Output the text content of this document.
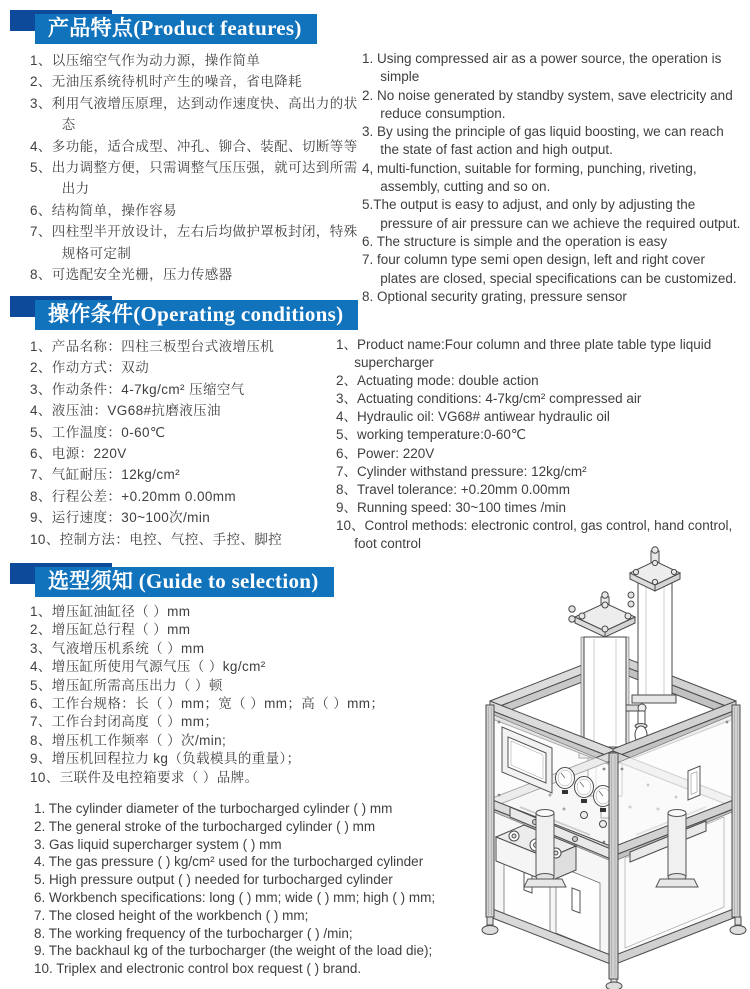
产品特点(Product features)
1、以压缩空气作为动力源，操作简单
2、无油压系统待机时产生的噪音，省电降耗
3、利用气液增压原理，达到动作速度快、高出力的状态
4、多功能，适合成型、冲孔、铆合、装配、切断等等
5、出力调整方便，只需调整气压压强，就可达到所需出力
6、结构简单，操作容易
7、四柱型半开放设计，左右后均做护罩板封闭，特殊规格可定制
8、可选配安全光栅，压力传感器
1. Using compressed air as a power source, the operation is simple
2. No noise generated by standby system, save electricity and reduce consumption.
3. By using the principle of gas liquid boosting, we can reach the state of fast action and high output.
4, multi-function, suitable for forming, punching, riveting, assembly, cutting and so on.
5.The output is easy to adjust, and only by adjusting the pressure of air pressure can we achieve the required output.
6. The structure is simple and the operation is easy
7. four column type semi open design, left and right cover plates are closed, special specifications can be customized.
8. Optional security grating, pressure sensor
操作条件(Operating conditions)
1、产品名称：四柱三板型台式液增压机
2、作动方式：双动
3、作动条件：4-7kg/cm² 压缩空气
4、液压油：VG68#抗磨液压油
5、工作温度：0-60℃
6、电源：220V
7、气缸耐压：12kg/cm²
8、行程公差：+0.20mm 0.00mm
9、运行速度：30~100次/min
10、控制方法：电控、气控、手控、脚控
1、Product name:Four column and three plate table type liquid supercharger
2、Actuating mode: double action
3、Actuating conditions: 4-7kg/cm² compressed air
4、Hydraulic oil: VG68# antiwear hydraulic oil
5、working temperature:0-60℃
6、Power: 220V
7、Cylinder withstand pressure: 12kg/cm²
8、Travel tolerance: +0.20mm 0.00mm
9、Running speed: 30~100 times /min
10、Control methods: electronic control, gas control, hand control, foot control
选型须知 (Guide to selection)
1、增压缸油缸径（ ）mm
2、增压缸总行程（ ）mm
3、气液增压机系统（ ）mm
4、增压缸所使用气源气压（ ）kg/cm²
5、增压缸所需高压出力（ ）顿
6、工作台规格：长（ ）mm；宽（ ）mm；高（ ）mm；
7、工作台封闭高度（ ）mm；
8、增压机工作频率（ ）次/min;
9、增压机回程拉力 kg（负载模具的重量）；
10、三联件及电控箱要求（ ）品牌。
1. The cylinder diameter of the turbocharged cylinder ( ) mm
2. The general stroke of the turbocharged cylinder ( ) mm
3. Gas liquid supercharger system ( ) mm
4. The gas pressure ( ) kg/cm² used for the turbocharged cylinder
5. High pressure output ( ) needed for turbocharged cylinder
6. Workbench specifications: long ( ) mm; wide ( ) mm; high ( ) mm;
7. The closed height of the workbench ( ) mm;
8. The working frequency of the turbocharger ( ) /min;
9. The backhaul kg of the turbocharger (the weight of the load die);
10. Triplex and electronic control box request ( ) brand.
